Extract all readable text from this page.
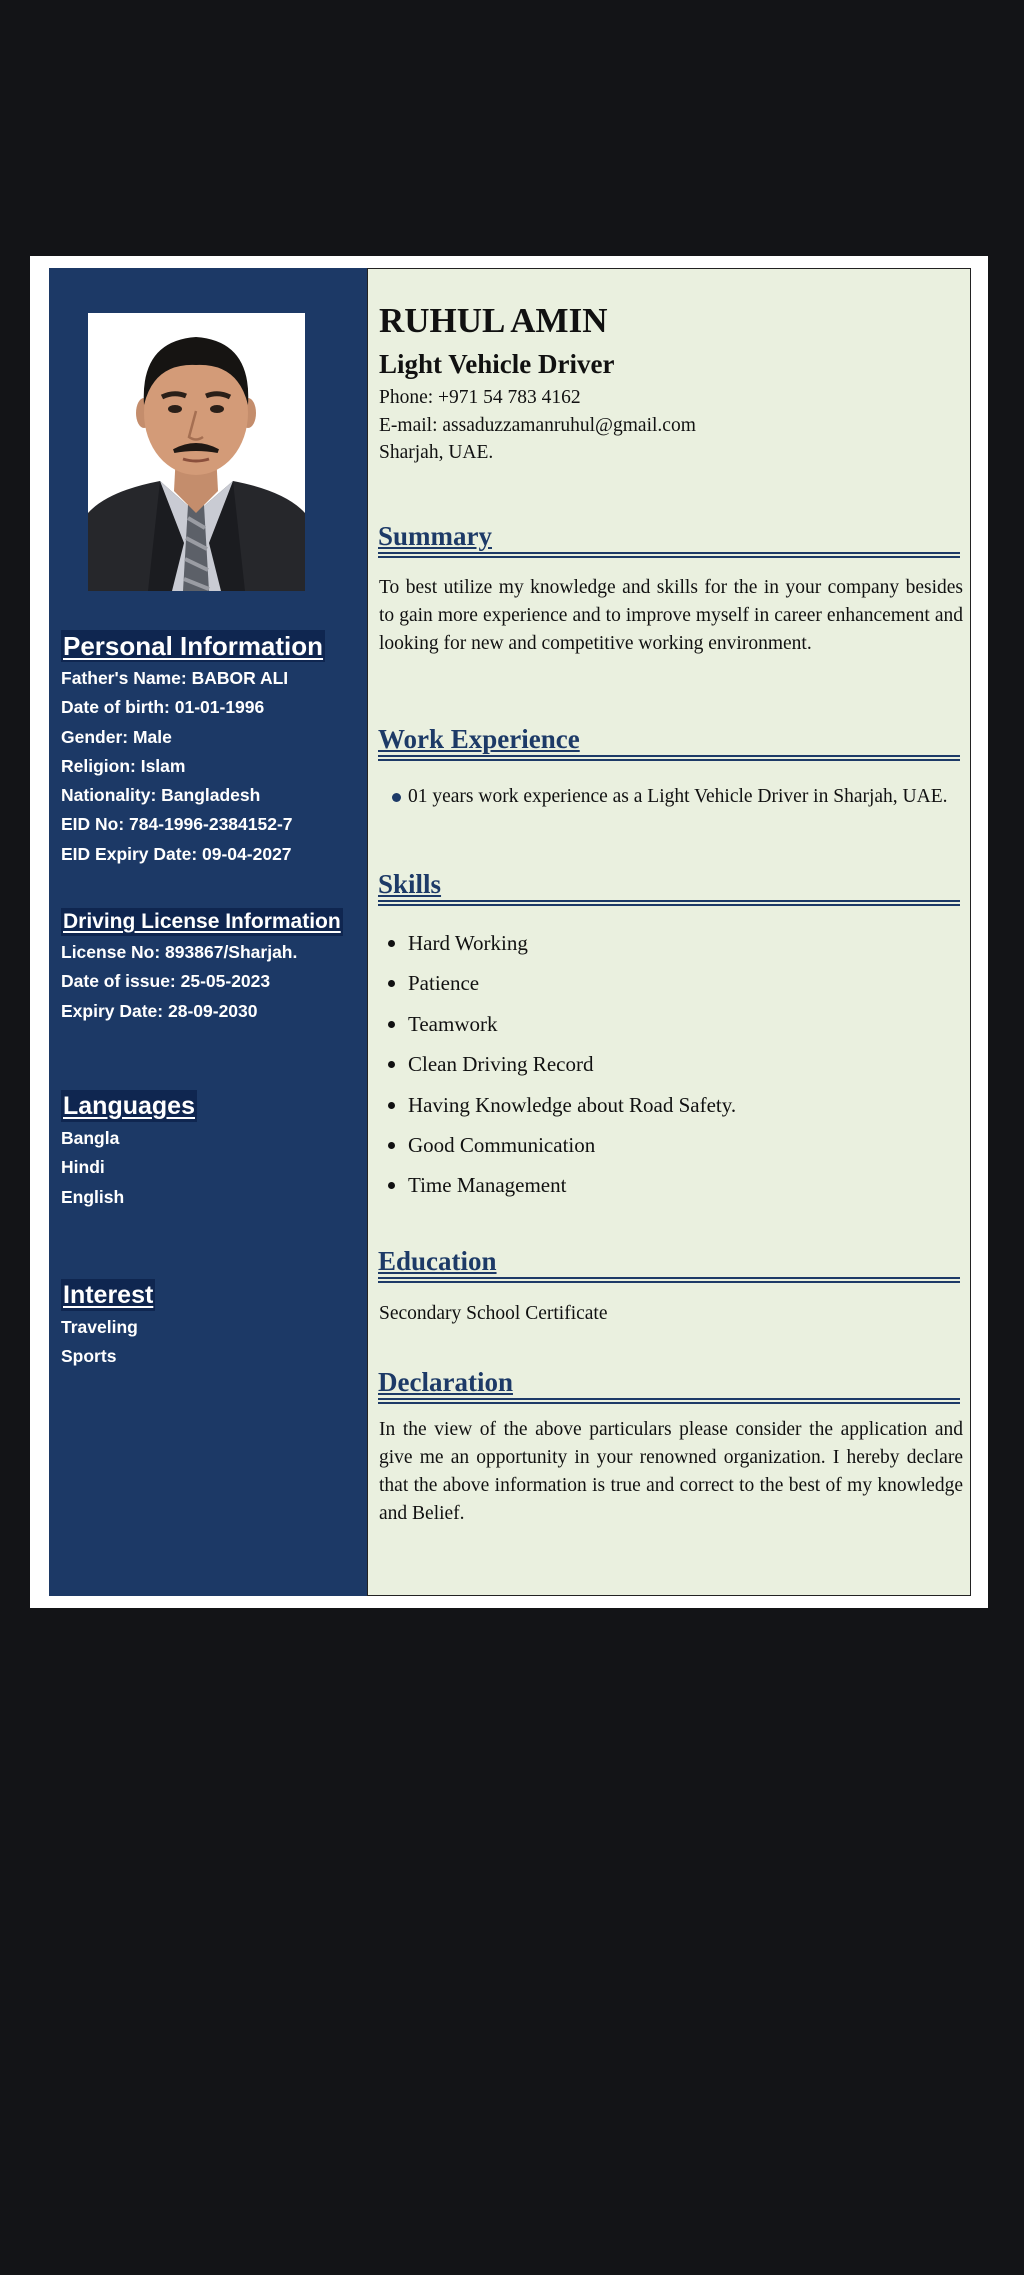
Personal Information
Father's Name: BABOR ALI
Date of birth: 01-01-1996
Gender: Male
Religion: Islam
Nationality: Bangladesh
EID No: 784-1996-2384152-7
EID Expiry Date: 09-04-2027
Driving License Information
License No: 893867/Sharjah.
Date of issue: 25-05-2023
Expiry Date: 28-09-2030
Languages
Bangla
Hindi
English
Interest
Traveling
Sports
RUHUL AMIN
Light Vehicle Driver
Phone: +971 54 783 4162
E-mail: assaduzzamanruhul@gmail.com
Sharjah, UAE.
Summary
To best utilize my knowledge and skills for the in your company besides to gain more experience and to improve myself in career enhancement and looking for new and competitive working environment.
Work Experience
01 years work experience as a Light Vehicle Driver in Sharjah, UAE.
Skills
Hard Working
Patience
Teamwork
Clean Driving Record
Having Knowledge about Road Safety.
Good Communication
Time Management
Education
Secondary School Certificate
Declaration
In the view of the above particulars please consider the application and give me an opportunity in your renowned organization. I hereby declare that the above information is true and correct to the best of my knowledge and Belief.
